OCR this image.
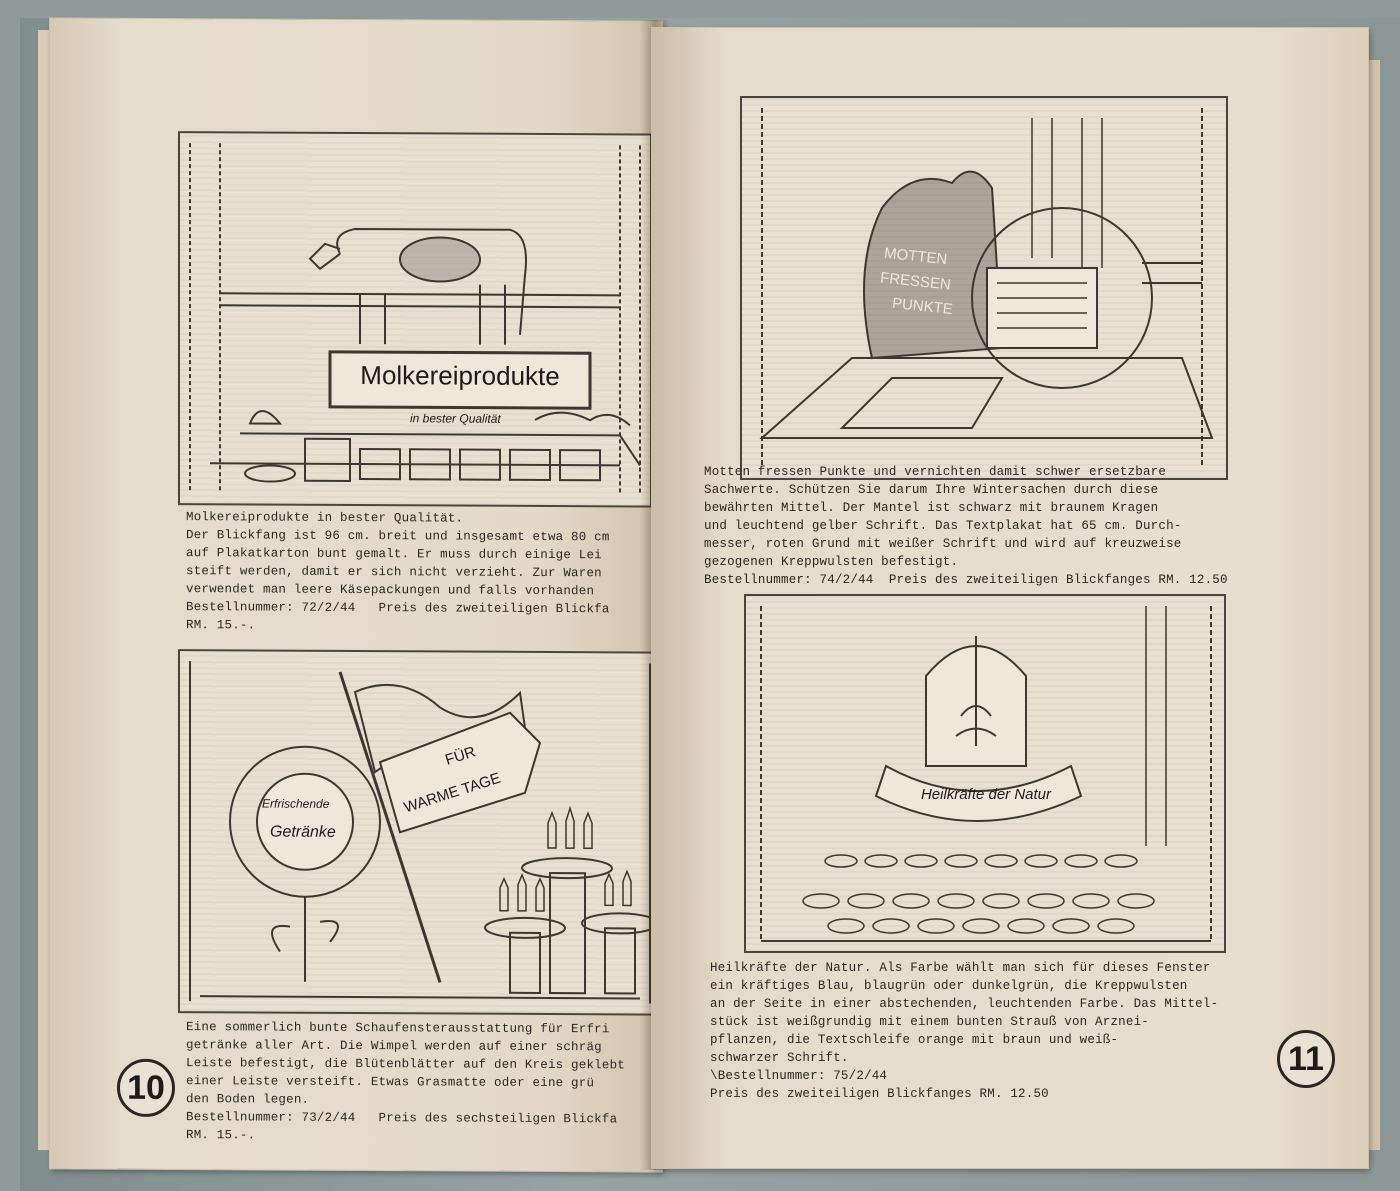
Molkereiprodukte
in bester Qualität
Molkereiprodukte in bester Qualität.
Der Blickfang ist 96 cm. breit und insgesamt etwa 80 cm
auf Plakatkarton bunt gemalt. Er muss durch einige Lei
steift werden, damit er sich nicht verzieht. Zur Waren
verwendet man leere Käsepackungen und falls vorhanden
Bestellnummer: 72/2/44   Preis des zweiteiligen Blickfa
RM. 15.-.
Erfrischende
Getränke
FÜR
WARME TAGE
Eine sommerlich bunte Schaufensterausstattung für Erfri
getränke aller Art. Die Wimpel werden auf einer schräg
Leiste befestigt, die Blütenblätter auf den Kreis geklebt
einer Leiste versteift. Etwas Grasmatte oder eine grü
den Boden legen.
Bestellnummer: 73/2/44   Preis des sechsteiligen Blickfa
RM. 15.-.
10
MOTTEN
FRESSEN
PUNKTE
Motten fressen Punkte und vernichten damit schwer ersetzbare
Sachwerte. Schützen Sie darum Ihre Wintersachen durch diese
bewährten Mittel. Der Mantel ist schwarz mit braunem Kragen
und leuchtend gelber Schrift. Das Textplakat hat 65 cm. Durch-
messer, roten Grund mit weißer Schrift und wird auf kreuzweise
gezogenen Kreppwulsten befestigt.
Bestellnummer: 74/2/44  Preis des zweiteiligen Blickfanges RM. 12.50
Heilkräfte der Natur
Heilkräfte der Natur. Als Farbe wählt man sich für dieses Fenster
ein kräftiges Blau, blaugrün oder dunkelgrün, die Kreppwulsten
an der Seite in einer abstechenden, leuchtenden Farbe. Das Mittel-
stück ist weißgrundig mit einem bunten Strauß von Arznei-
pflanzen, die Textschleife orange mit braun und weiß-
schwarzer Schrift.
\Bestellnummer: 75/2/44
Preis des zweiteiligen Blickfanges RM. 12.50
11
